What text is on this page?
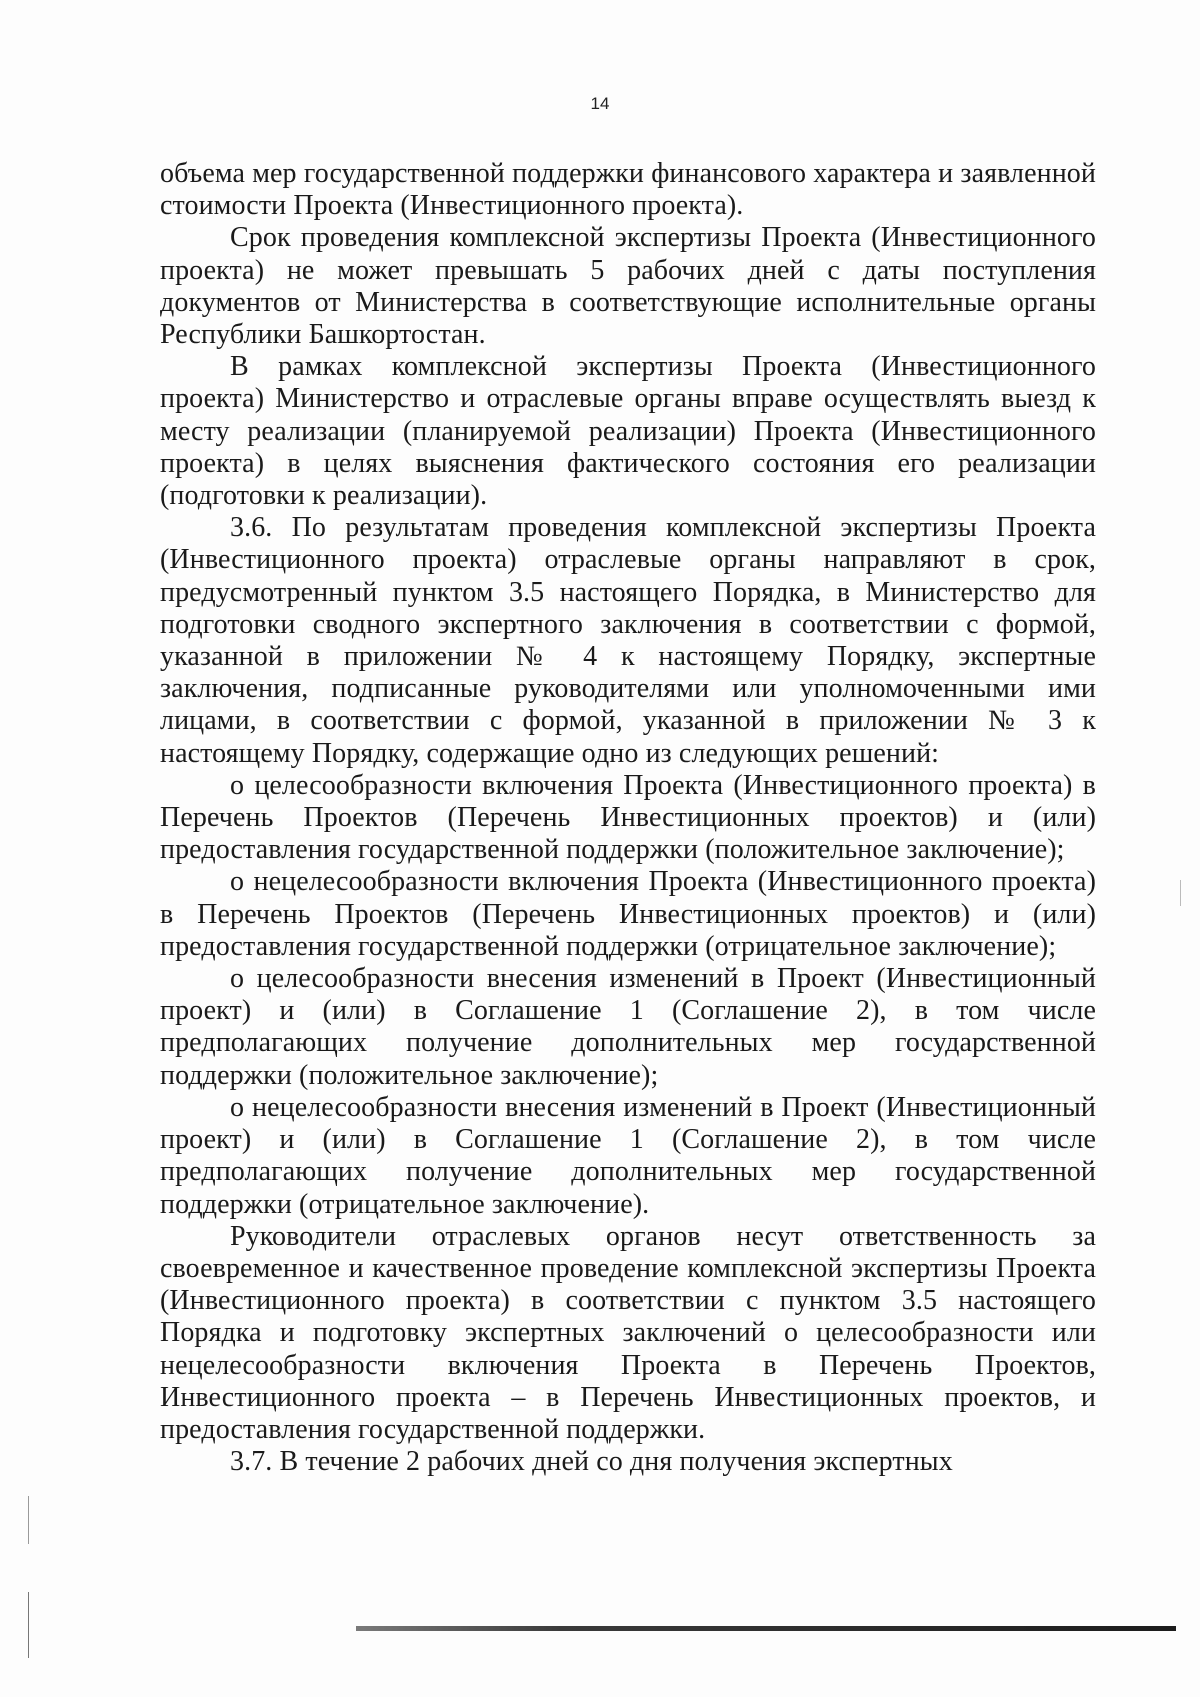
14

объема мер государственной поддержки финансового характера и заявленной стоимости Проекта (Инвестиционного проекта).

Срок проведения комплексной экспертизы Проекта (Инвестиционного проекта) не может превышать 5 рабочих дней с даты поступления документов от Министерства в соответствующие исполнительные органы Республики Башкортостан.

В рамках комплексной экспертизы Проекта (Инвестиционного проекта) Министерство и отраслевые органы вправе осуществлять выезд к месту реализации (планируемой реализации) Проекта (Инвестиционного проекта) в целях выяснения фактического состояния его реализации (подготовки к реализации).

3.6. По результатам проведения комплексной экспертизы Проекта (Инвестиционного проекта) отраслевые органы направляют в срок, предусмотренный пунктом 3.5 настоящего Порядка, в Министерство для подготовки сводного экспертного заключения в соответствии с формой, указанной в приложении № 4 к настоящему Порядку, экспертные заключения, подписанные руководителями или уполномоченными ими лицами, в соответствии с формой, указанной в приложении № 3 к настоящему Порядку, содержащие одно из следующих решений:

о целесообразности включения Проекта (Инвестиционного проекта) в Перечень Проектов (Перечень Инвестиционных проектов) и (или) предоставления государственной поддержки (положительное заключение);

о нецелесообразности включения Проекта (Инвестиционного проекта) в Перечень Проектов (Перечень Инвестиционных проектов) и (или) предоставления государственной поддержки (отрицательное заключение);

о целесообразности внесения изменений в Проект (Инвестиционный проект) и (или) в Соглашение 1 (Соглашение 2), в том числе предполагающих получение дополнительных мер государственной поддержки (положительное заключение);

о нецелесообразности внесения изменений в Проект (Инвестиционный проект) и (или) в Соглашение 1 (Соглашение 2), в том числе предполагающих получение дополнительных мер государственной поддержки (отрицательное заключение).

Руководители отраслевых органов несут ответственность за своевременное и качественное проведение комплексной экспертизы Проекта (Инвестиционного проекта) в соответствии с пунктом 3.5 настоящего Порядка и подготовку экспертных заключений о целесообразности или нецелесообразности включения Проекта в Перечень Проектов, Инвестиционного проекта – в Перечень Инвестиционных проектов, и предоставления государственной поддержки.

3.7. В течение 2 рабочих дней со дня получения экспертных
